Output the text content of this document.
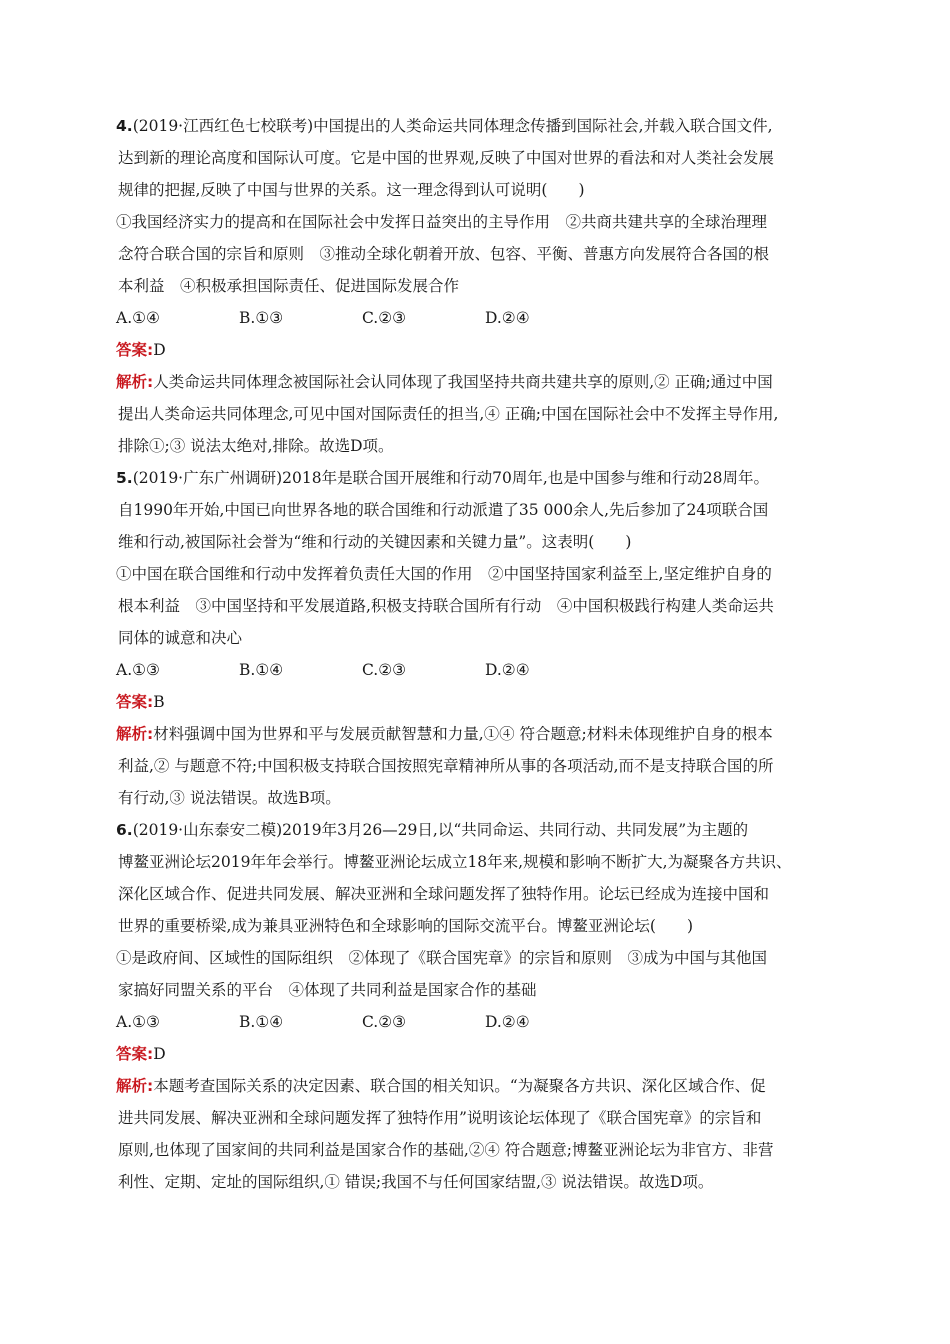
4.(2019·江西红色七校联考)中国提出的人类命运共同体理念传播到国际社会,并载入联合国文件,
达到新的理论高度和国际认可度。它是中国的世界观,反映了中国对世界的看法和对人类社会发展
规律的把握,反映了中国与世界的关系。这一理念得到认可说明(　　)
①我国经济实力的提高和在国际社会中发挥日益突出的主导作用　②共商共建共享的全球治理理
念符合联合国的宗旨和原则　③推动全球化朝着开放、包容、平衡、普惠方向发展符合各国的根
本利益　④积极承担国际责任、促进国际发展合作
A.①④	B.①③	C.②③	D.②④
答案:D
解析:人类命运共同体理念被国际社会认同体现了我国坚持共商共建共享的原则,② 正确;通过中国
提出人类命运共同体理念,可见中国对国际责任的担当,④ 正确;中国在国际社会中不发挥主导作用,
排除①;③ 说法太绝对,排除。故选D项。
5.(2019·广东广州调研)2018年是联合国开展维和行动70周年,也是中国参与维和行动28周年。
自1990年开始,中国已向世界各地的联合国维和行动派遣了35 000余人,先后参加了24项联合国
维和行动,被国际社会誉为“维和行动的关键因素和关键力量”。这表明(　　)
①中国在联合国维和行动中发挥着负责任大国的作用　②中国坚持国家利益至上,坚定维护自身的
根本利益　③中国坚持和平发展道路,积极支持联合国所有行动　④中国积极践行构建人类命运共
同体的诚意和决心
A.①③	B.①④	C.②③	D.②④
答案:B
解析:材料强调中国为世界和平与发展贡献智慧和力量,①④ 符合题意;材料未体现维护自身的根本
利益,② 与题意不符;中国积极支持联合国按照宪章精神所从事的各项活动,而不是支持联合国的所
有行动,③ 说法错误。故选B项。
6.(2019·山东泰安二模)2019年3月26—29日,以“共同命运、共同行动、共同发展”为主题的
博鳌亚洲论坛2019年年会举行。博鳌亚洲论坛成立18年来,规模和影响不断扩大,为凝聚各方共识、
深化区域合作、促进共同发展、解决亚洲和全球问题发挥了独特作用。论坛已经成为连接中国和
世界的重要桥梁,成为兼具亚洲特色和全球影响的国际交流平台。博鳌亚洲论坛(　　)
①是政府间、区域性的国际组织　②体现了《联合国宪章》的宗旨和原则　③成为中国与其他国
家搞好同盟关系的平台　④体现了共同利益是国家合作的基础
A.①③	B.①④	C.②③	D.②④
答案:D
解析:本题考查国际关系的决定因素、联合国的相关知识。“为凝聚各方共识、深化区域合作、促
进共同发展、解决亚洲和全球问题发挥了独特作用”说明该论坛体现了《联合国宪章》的宗旨和
原则,也体现了国家间的共同利益是国家合作的基础,②④ 符合题意;博鳌亚洲论坛为非官方、非营
利性、定期、定址的国际组织,① 错误;我国不与任何国家结盟,③ 说法错误。故选D项。
